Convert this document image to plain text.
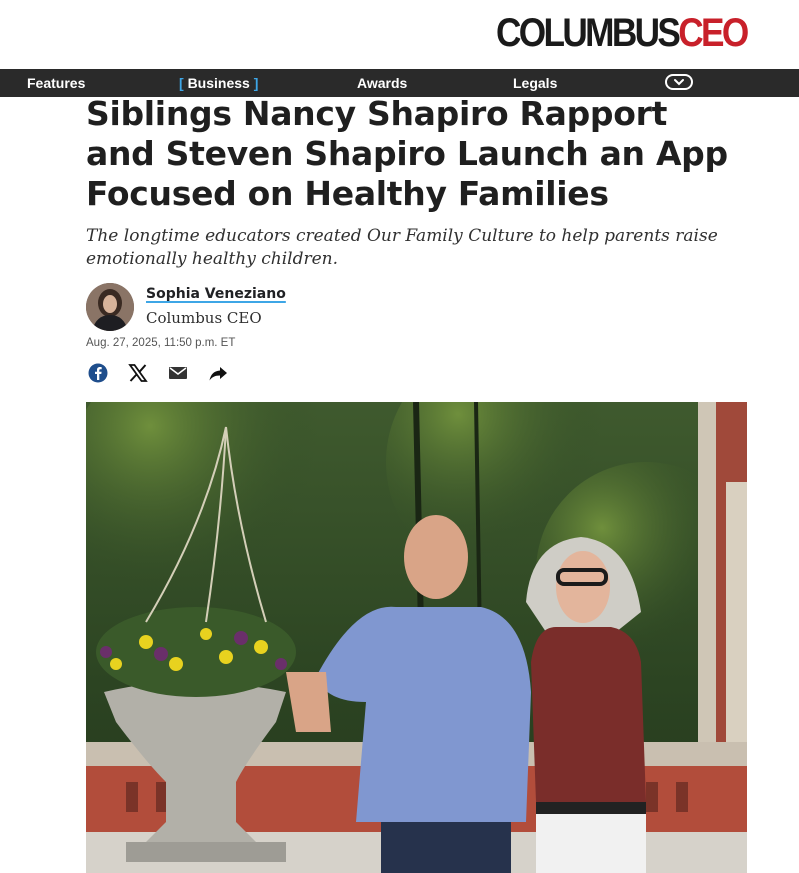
COLUMBUSCEO
Features	[ Business ]	Awards	Legals
Siblings Nancy Shapiro Rapport and Steven Shapiro Launch an App Focused on Healthy Families

The longtime educators created Our Family Culture to help parents raise emotionally healthy children.

Sophia Veneziano
Columbus CEO
Aug. 27, 2025, 11:50 p.m. ET
